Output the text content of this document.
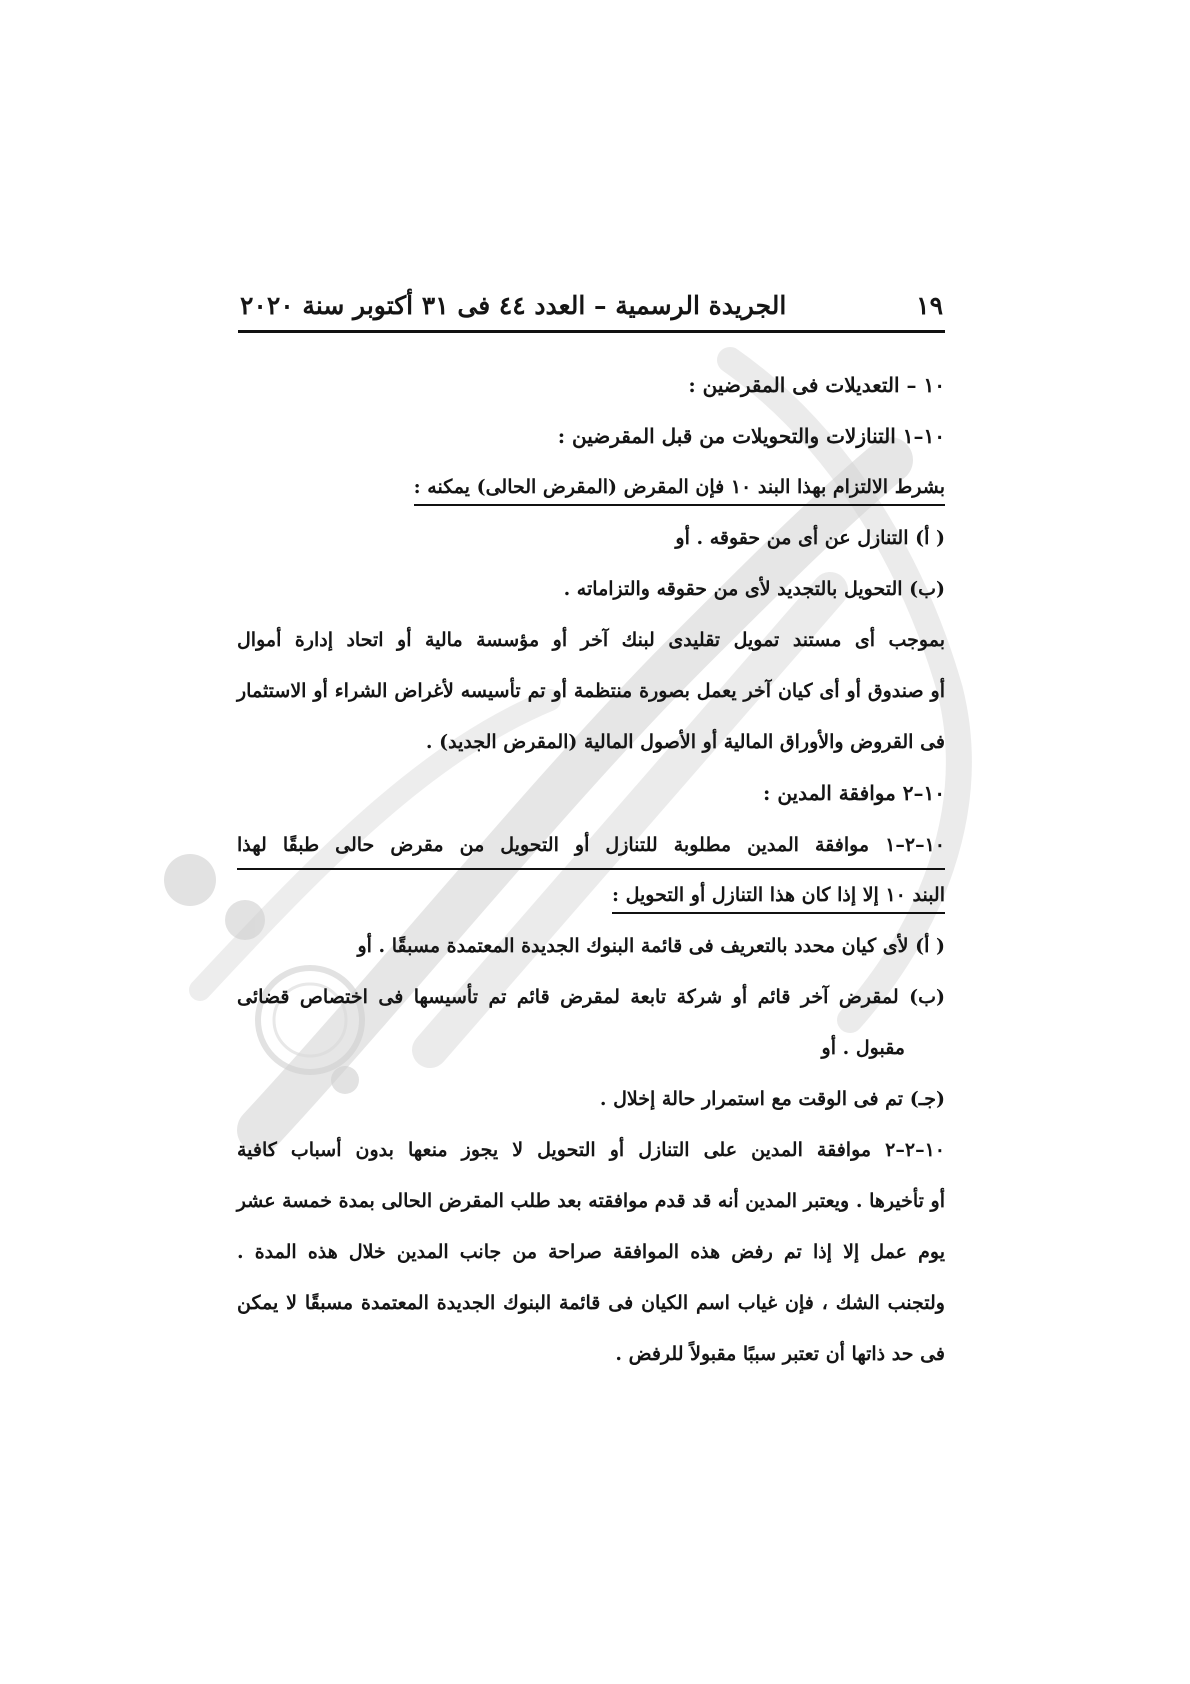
١٩
الجريدة الرسمية – العدد ٤٤ فى ٣١ أكتوبر سنة ٢٠٢٠
١٠ – التعديلات فى المقرضين :
١٠–١ التنازلات والتحويلات من قبل المقرضين :
بشرط الالتزام بهذا البند ١٠ فإن المقرض (المقرض الحالى) يمكنه :
( أ) التنازل عن أى من حقوقه . أو
(ب) التحويل بالتجديد لأى من حقوقه والتزاماته .
بموجب أى مستند تمويل تقليدى لبنك آخر أو مؤسسة مالية أو اتحاد إدارة أموال
أو صندوق أو أى كيان آخر يعمل بصورة منتظمة أو تم تأسيسه لأغراض الشراء أو الاستثمار
فى القروض والأوراق المالية أو الأصول المالية (المقرض الجديد) .
١٠–٢ موافقة المدين :
١٠–٢–١ موافقة المدين مطلوبة للتنازل أو التحويل من مقرض حالى طبقًا لهذا
البند ١٠ إلا إذا كان هذا التنازل أو التحويل :
( أ) لأى كيان محدد بالتعريف فى قائمة البنوك الجديدة المعتمدة مسبقًا . أو
(ب) لمقرض آخر قائم أو شركة تابعة لمقرض قائم تم تأسيسها فى اختصاص قضائى
مقبول . أو
(جـ) تم فى الوقت مع استمرار حالة إخلال .
١٠–٢–٢ موافقة المدين على التنازل أو التحويل لا يجوز منعها بدون أسباب كافية
أو تأخيرها . ويعتبر المدين أنه قد قدم موافقته بعد طلب المقرض الحالى بمدة خمسة عشر
يوم عمل إلا إذا تم رفض هذه الموافقة صراحة من جانب المدين خلال هذه المدة .
ولتجنب الشك ، فإن غياب اسم الكيان فى قائمة البنوك الجديدة المعتمدة مسبقًا لا يمكن
فى حد ذاتها أن تعتبر سببًا مقبولاً للرفض .
